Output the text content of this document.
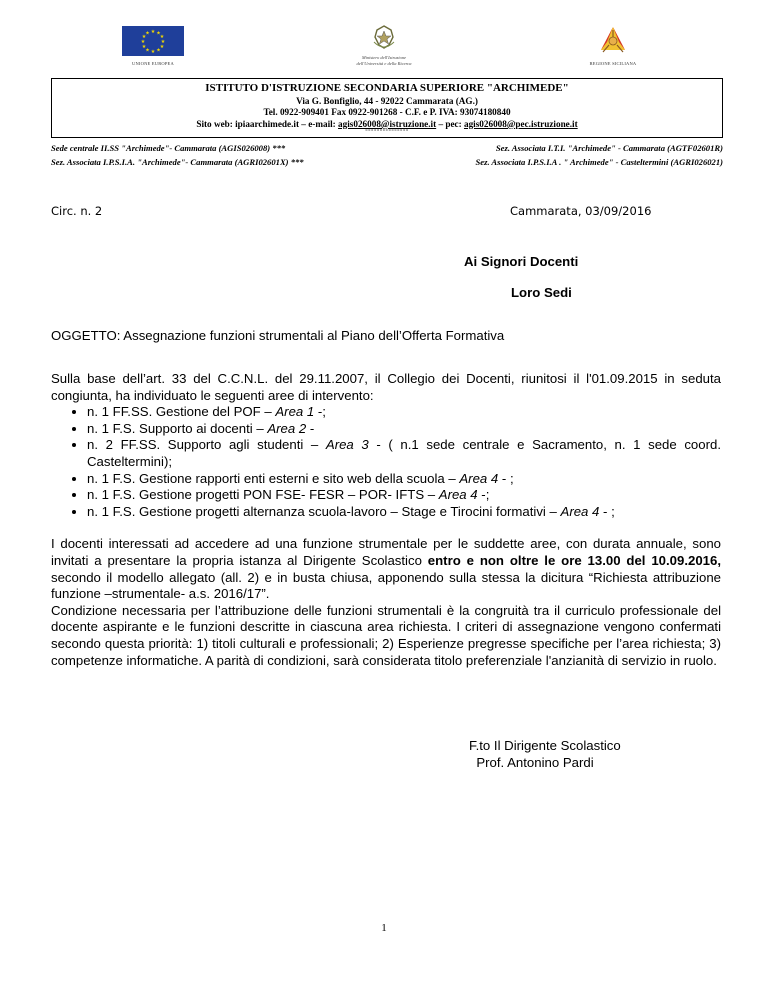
★ ★
★
★
★
★
★
★
★
★
★
★
UNIONE EUROPEA
Ministero dell'Istruzione
dell'Università e della Ricerca	REGIONE SICILIANA
ISTITUTO D'ISTRUZIONE SECONDARIA SUPERIORE "ARCHIMEDE"
Via G. Bonfiglio, 44 - 92022 Cammarata (AG.)
Tel. 0922-909401 Fax 0922-901268 - C.F. e P. IVA: 93074180840
Sito web: ipiaarchimede.it – e-mail: agis026008@istruzione.it – pec: agis026008@pec.istruzione.it
°°°°°°°°°°°°°°°
Sede centrale II.SS "Archimede"- Cammarata (AGIS026008) ***	Sez. Associata I.T.I. "Archimede" - Cammarata (AGTF02601R)
Sez. Associata I.P.S.I.A. "Archimede"- Cammarata (AGRI02601X) ***	Sez. Associata I.P.S.I.A . " Archimede" - Casteltermini (AGRI026021)
Circ. n. 2	Cammarata, 03/09/2016
Ai Signori Docenti
Loro Sedi
OGGETTO: Assegnazione funzioni strumentali al Piano dell’Offerta Formativa

Sulla base dell’art. 33 del C.C.N.L. del 29.11.2007, il Collegio dei Docenti, riunitosi il l'01.09.2015 in seduta congiunta, ha individuato le seguenti aree di intervento:

• n. 1 FF.SS. Gestione del POF – Area 1 -;
• n. 1 F.S. Supporto ai docenti – Area 2 -
• n. 2 FF.SS. Supporto agli studenti – Area 3 - ( n.1 sede centrale e Sacramento, n. 1 sede coord. Casteltermini);
• n. 1 F.S. Gestione rapporti enti esterni e sito web della scuola – Area 4 - ;
• n. 1 F.S. Gestione progetti PON FSE- FESR – POR- IFTS – Area 4 -;
• n. 1 F.S. Gestione progetti alternanza scuola-lavoro – Stage e Tirocini formativi – Area 4 - ;

I docenti interessati ad accedere ad una funzione strumentale per le suddette aree, con durata annuale, sono invitati a presentare la propria istanza al Dirigente Scolastico entro e non oltre le ore 13.00 del 10.09.2016, secondo il modello allegato (all. 2) e in busta chiusa, apponendo sulla stessa la dicitura “Richiesta attribuzione funzione –strumentale- a.s. 2016/17”.

Condizione necessaria per l’attribuzione delle funzioni strumentali è la congruità tra il curriculo professionale del docente aspirante e le funzioni descritte in ciascuna area richiesta. I criteri di assegnazione vengono confermati secondo questa priorità: 1) titoli culturali e professionali; 2) Esperienze pregresse specifiche per l’area richiesta; 3) competenze informatiche. A parità di condizioni, sarà considerata titolo preferenziale l'anzianità di servizio in ruolo.

F.to Il Dirigente Scolastico
Prof. Antonino Pardi
1
